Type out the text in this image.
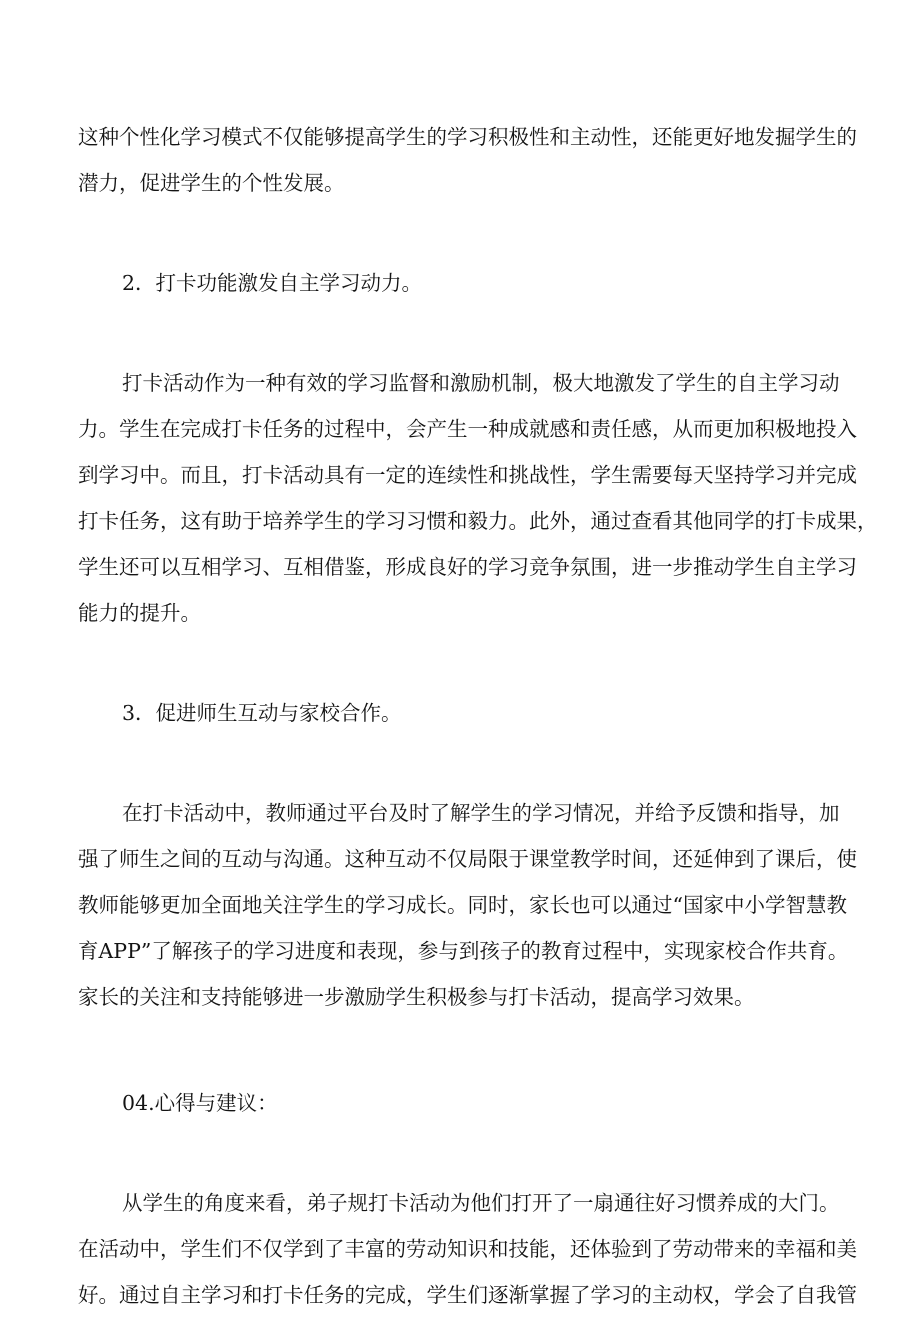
这种个性化学习模式不仅能够提高学生的学习积极性和主动性，还能更好地发掘学生的
潜力，促进学生的个性发展。
2．打卡功能激发自主学习动力。
打卡活动作为一种有效的学习监督和激励机制，极大地激发了学生的自主学习动
力。学生在完成打卡任务的过程中，会产生一种成就感和责任感，从而更加积极地投入
到学习中。而且，打卡活动具有一定的连续性和挑战性，学生需要每天坚持学习并完成
打卡任务，这有助于培养学生的学习习惯和毅力。此外，通过查看其他同学的打卡成果，
学生还可以互相学习、互相借鉴，形成良好的学习竞争氛围，进一步推动学生自主学习
能力的提升。
3．促进师生互动与家校合作。
在打卡活动中，教师通过平台及时了解学生的学习情况，并给予反馈和指导，加
强了师生之间的互动与沟通。这种互动不仅局限于课堂教学时间，还延伸到了课后，使
教师能够更加全面地关注学生的学习成长。同时，家长也可以通过“国家中小学智慧教
育APP”了解孩子的学习进度和表现，参与到孩子的教育过程中，实现家校合作共育。
家长的关注和支持能够进一步激励学生积极参与打卡活动，提高学习效果。
04.心得与建议：
从学生的角度来看，弟子规打卡活动为他们打开了一扇通往好习惯养成的大门。
在活动中，学生们不仅学到了丰富的劳动知识和技能，还体验到了劳动带来的幸福和美
好。通过自主学习和打卡任务的完成，学生们逐渐掌握了学习的主动权，学会了自我管
